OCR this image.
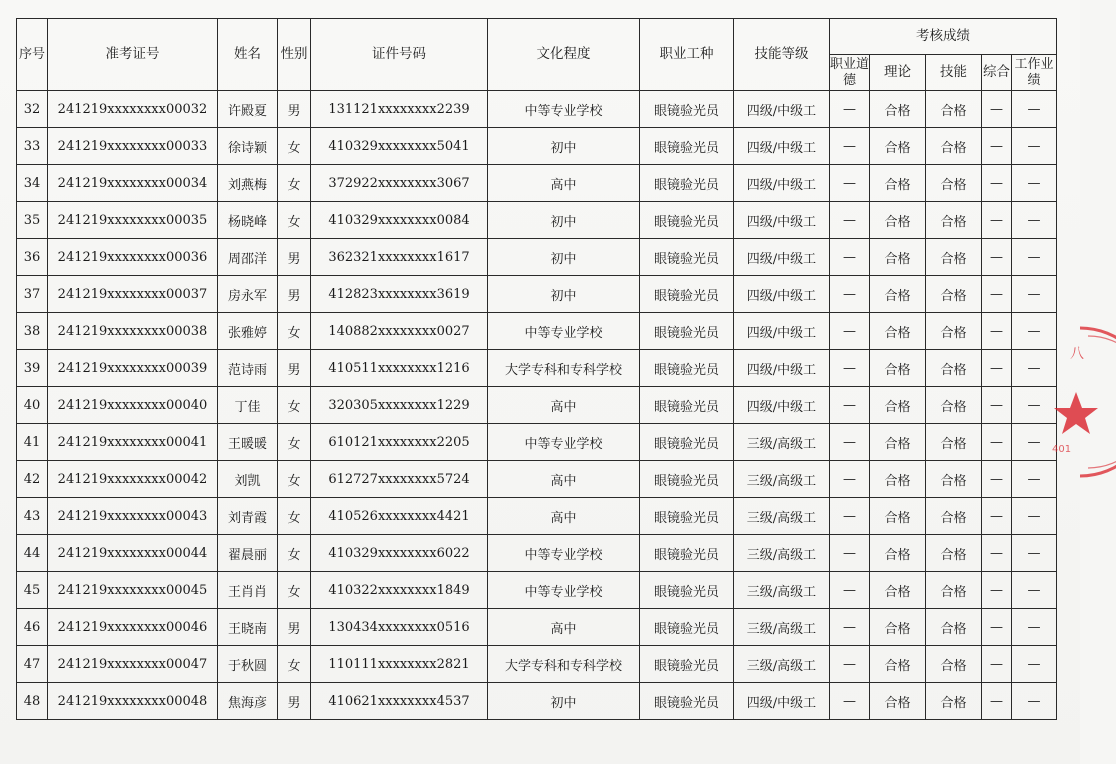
序号	准考证号	姓名	性别	证件号码	文化程度	职业工种	技能等级	考核成绩				
								职业道德	理论	技能	综合	工作业绩
32	241219xxxxxxxx00032	许殿夏	男	131121xxxxxxxx2239	中等专业学校	眼镜验光员	四级/中级工	—	合格	合格	—	—
33	241219xxxxxxxx00033	徐诗颖	女	410329xxxxxxxx5041	初中	眼镜验光员	四级/中级工	—	合格	合格	—	—
34	241219xxxxxxxx00034	刘燕梅	女	372922xxxxxxxx3067	高中	眼镜验光员	四级/中级工	—	合格	合格	—	—
35	241219xxxxxxxx00035	杨晓峰	女	410329xxxxxxxx0084	初中	眼镜验光员	四级/中级工	—	合格	合格	—	—
36	241219xxxxxxxx00036	周邵洋	男	362321xxxxxxxx1617	初中	眼镜验光员	四级/中级工	—	合格	合格	—	—
37	241219xxxxxxxx00037	房永军	男	412823xxxxxxxx3619	初中	眼镜验光员	四级/中级工	—	合格	合格	—	—
38	241219xxxxxxxx00038	张雅婷	女	140882xxxxxxxx0027	中等专业学校	眼镜验光员	四级/中级工	—	合格	合格	—	—
39	241219xxxxxxxx00039	范诗雨	男	410511xxxxxxxx1216	大学专科和专科学校	眼镜验光员	四级/中级工	—	合格	合格	—	—
40	241219xxxxxxxx00040	丁佳	女	320305xxxxxxxx1229	高中	眼镜验光员	四级/中级工	—	合格	合格	—	—
41	241219xxxxxxxx00041	王暖暖	女	610121xxxxxxxx2205	中等专业学校	眼镜验光员	三级/高级工	—	合格	合格	—	—
42	241219xxxxxxxx00042	刘凯	女	612727xxxxxxxx5724	高中	眼镜验光员	三级/高级工	—	合格	合格	—	—
43	241219xxxxxxxx00043	刘青霞	女	410526xxxxxxxx4421	高中	眼镜验光员	三级/高级工	—	合格	合格	—	—
44	241219xxxxxxxx00044	翟晨丽	女	410329xxxxxxxx6022	中等专业学校	眼镜验光员	三级/高级工	—	合格	合格	—	—
45	241219xxxxxxxx00045	王肖肖	女	410322xxxxxxxx1849	中等专业学校	眼镜验光员	三级/高级工	—	合格	合格	—	—
46	241219xxxxxxxx00046	王晓南	男	130434xxxxxxxx0516	高中	眼镜验光员	三级/高级工	—	合格	合格	—	—
47	241219xxxxxxxx00047	于秋圆	女	110111xxxxxxxx2821	大学专科和专科学校	眼镜验光员	三级/高级工	—	合格	合格	—	—
48	241219xxxxxxxx00048	焦海彦	男	410621xxxxxxxx4537	初中	眼镜验光员	四级/中级工	—	合格	合格	—	—
八
401
